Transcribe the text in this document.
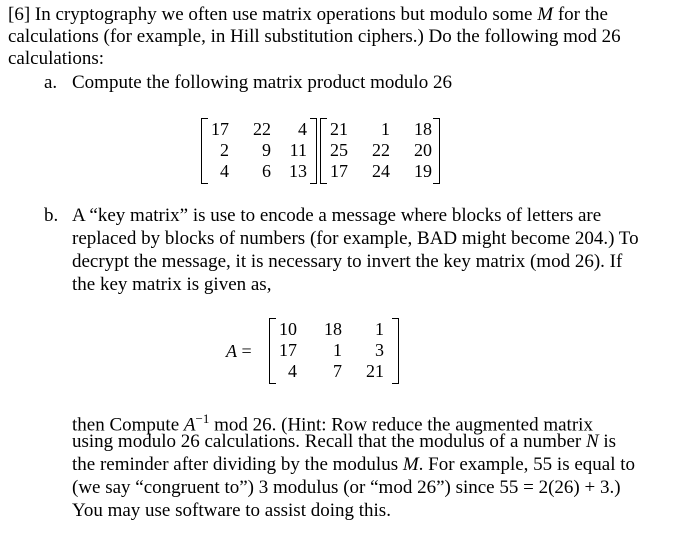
[6] In cryptography we often use matrix operations but modulo some M for the
calculations (for example, in Hill substitution ciphers.) Do the following mod 26
calculations:
a. Compute the following matrix product modulo 26
17	22	4
2	9	11
4	6	13
21	1	18
25	22	20
17	24	19
b. A “key matrix” is use to encode a message where blocks of letters are
replaced by blocks of numbers (for example, BAD might become 204.) To
decrypt the message, it is necessary to invert the key matrix (mod 26). If
the key matrix is given as,
A =
10	18	1
17	1	3
4	7	21
then Compute $A^{-1}$ mod 26. (Hint: Row reduce the augmented matrix
using modulo 26 calculations. Recall that the modulus of a number N is
the reminder after dividing by the modulus M. For example, 55 is equal to
(we say “congruent to”) 3 modulus (or “mod 26”) since 55 = 2(26) + 3.)
You may use software to assist doing this.
